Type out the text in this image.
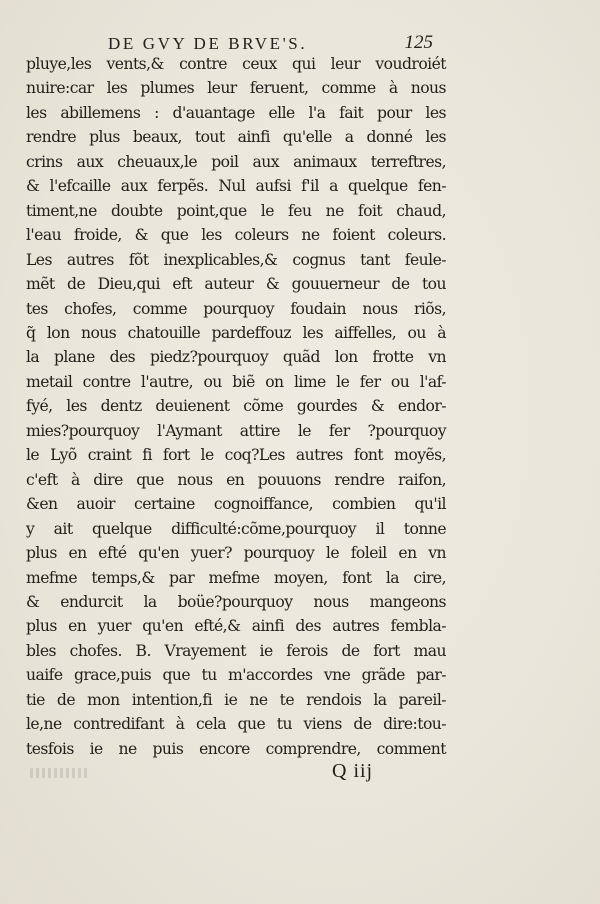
DE GVY DE BRVE'S.	125
pluye,les vents,& contre ceux qui leur voudroiét
nuire:car les plumes leur feruent, comme à nous
les abillemens : d'auantage elle l'a fait pour les
rendre plus beaux, tout ainfi qu'elle a donné les
crins aux cheuaux,le poil aux animaux terreftres,
& l'efcaille aux ferpẽs. Nul aufsi f'il a quelque fen-
timent,ne doubte point,que le feu ne foit chaud,
l'eau froide, & que les coleurs ne foient coleurs.
Les autres fõt inexplicables,& cognus tant feule-
mẽt de Dieu,qui eft auteur & gouuerneur de tou
tes chofes, comme pourquoy foudain nous riõs,
q̃ lon nous chatouille pardeffouz les aiffelles, ou à
la plane des piedz?pourquoy quãd lon frotte vn
metail contre l'autre, ou biẽ on lime le fer ou l'af-
fyé, les dentz deuienent cõme gourdes & endor-
mies?pourquoy l'Aymant attire le fer ?pourquoy
le Lyõ craint fi fort le coq?Les autres font moyẽs,
c'eft à dire que nous en pouuons rendre raifon,
&en auoir certaine cognoiffance, combien qu'il
y ait quelque difficulté:cõme,pourquoy il tonne
plus en efté qu'en yuer? pourquoy le foleil en vn
mefme temps,& par mefme moyen, font la cire,
& endurcit la boüe?pourquoy nous mangeons
plus en yuer qu'en efté,& ainfi des autres fembla-
bles chofes. B. Vrayement ie ferois de fort mau
uaife grace,puis que tu m'accordes vne grãde par-
tie de mon intention,fi ie ne te rendois la pareil-
le,ne contredifant à cela que tu viens de dire:tou-
tesfois ie ne puis encore comprendre, comment
Q iij
